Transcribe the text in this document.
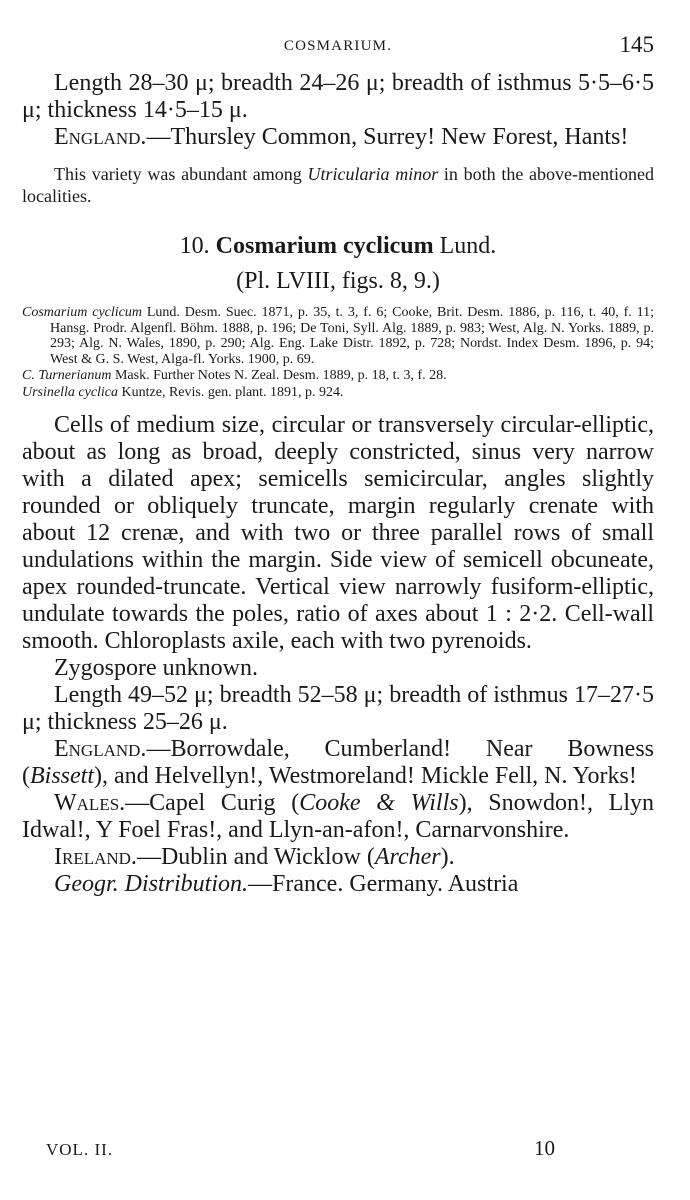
COSMARIUM.	145

Length 28–30 μ; breadth 24–26 μ; breadth of isthmus 5·5–6·5 μ; thickness 14·5–15 μ.

England.—Thursley Common, Surrey! New Forest, Hants!

This variety was abundant among Utricularia minor in both the above-mentioned localities.

10. Cosmarium cyclicum Lund.
(Pl. LVIII, figs. 8, 9.)

Cosmarium cyclicum Lund. Desm. Suec. 1871, p. 35, t. 3, f. 6; Cooke, Brit. Desm. 1886, p. 116, t. 40, f. 11; Hansg. Prodr. Algenfl. Böhm. 1888, p. 196; De Toni, Syll. Alg. 1889, p. 983; West, Alg. N. Yorks. 1889, p. 293; Alg. N. Wales, 1890, p. 290; Alg. Eng. Lake Distr. 1892, p. 728; Nordst. Index Desm. 1896, p. 94; West & G. S. West, Alga-fl. Yorks. 1900, p. 69.

C. Turnerianum Mask. Further Notes N. Zeal. Desm. 1889, p. 18, t. 3, f. 28.

Ursinella cyclica Kuntze, Revis. gen. plant. 1891, p. 924.

Cells of medium size, circular or transversely circular-elliptic, about as long as broad, deeply constricted, sinus very narrow with a dilated apex; semicells semicircular, angles slightly rounded or obliquely truncate, margin regularly crenate with about 12 crenæ, and with two or three parallel rows of small undulations within the margin. Side view of semicell obcuneate, apex rounded-truncate. Vertical view narrowly fusiform-elliptic, undulate towards the poles, ratio of axes about 1 : 2·2. Cell-wall smooth. Chloroplasts axile, each with two pyrenoids.

Zygospore unknown.

Length 49–52 μ; breadth 52–58 μ; breadth of isthmus 17–27·5 μ; thickness 25–26 μ.

England.—Borrowdale, Cumberland! Near Bowness (Bissett), and Helvellyn!, Westmoreland! Mickle Fell, N. Yorks!

Wales.—Capel Curig (Cooke & Wills), Snowdon!, Llyn Idwal!, Y Foel Fras!, and Llyn-an-afon!, Carnarvonshire.

Ireland.—Dublin and Wicklow (Archer).

Geogr. Distribution.—France. Germany. Austria

VOL. II.	10
